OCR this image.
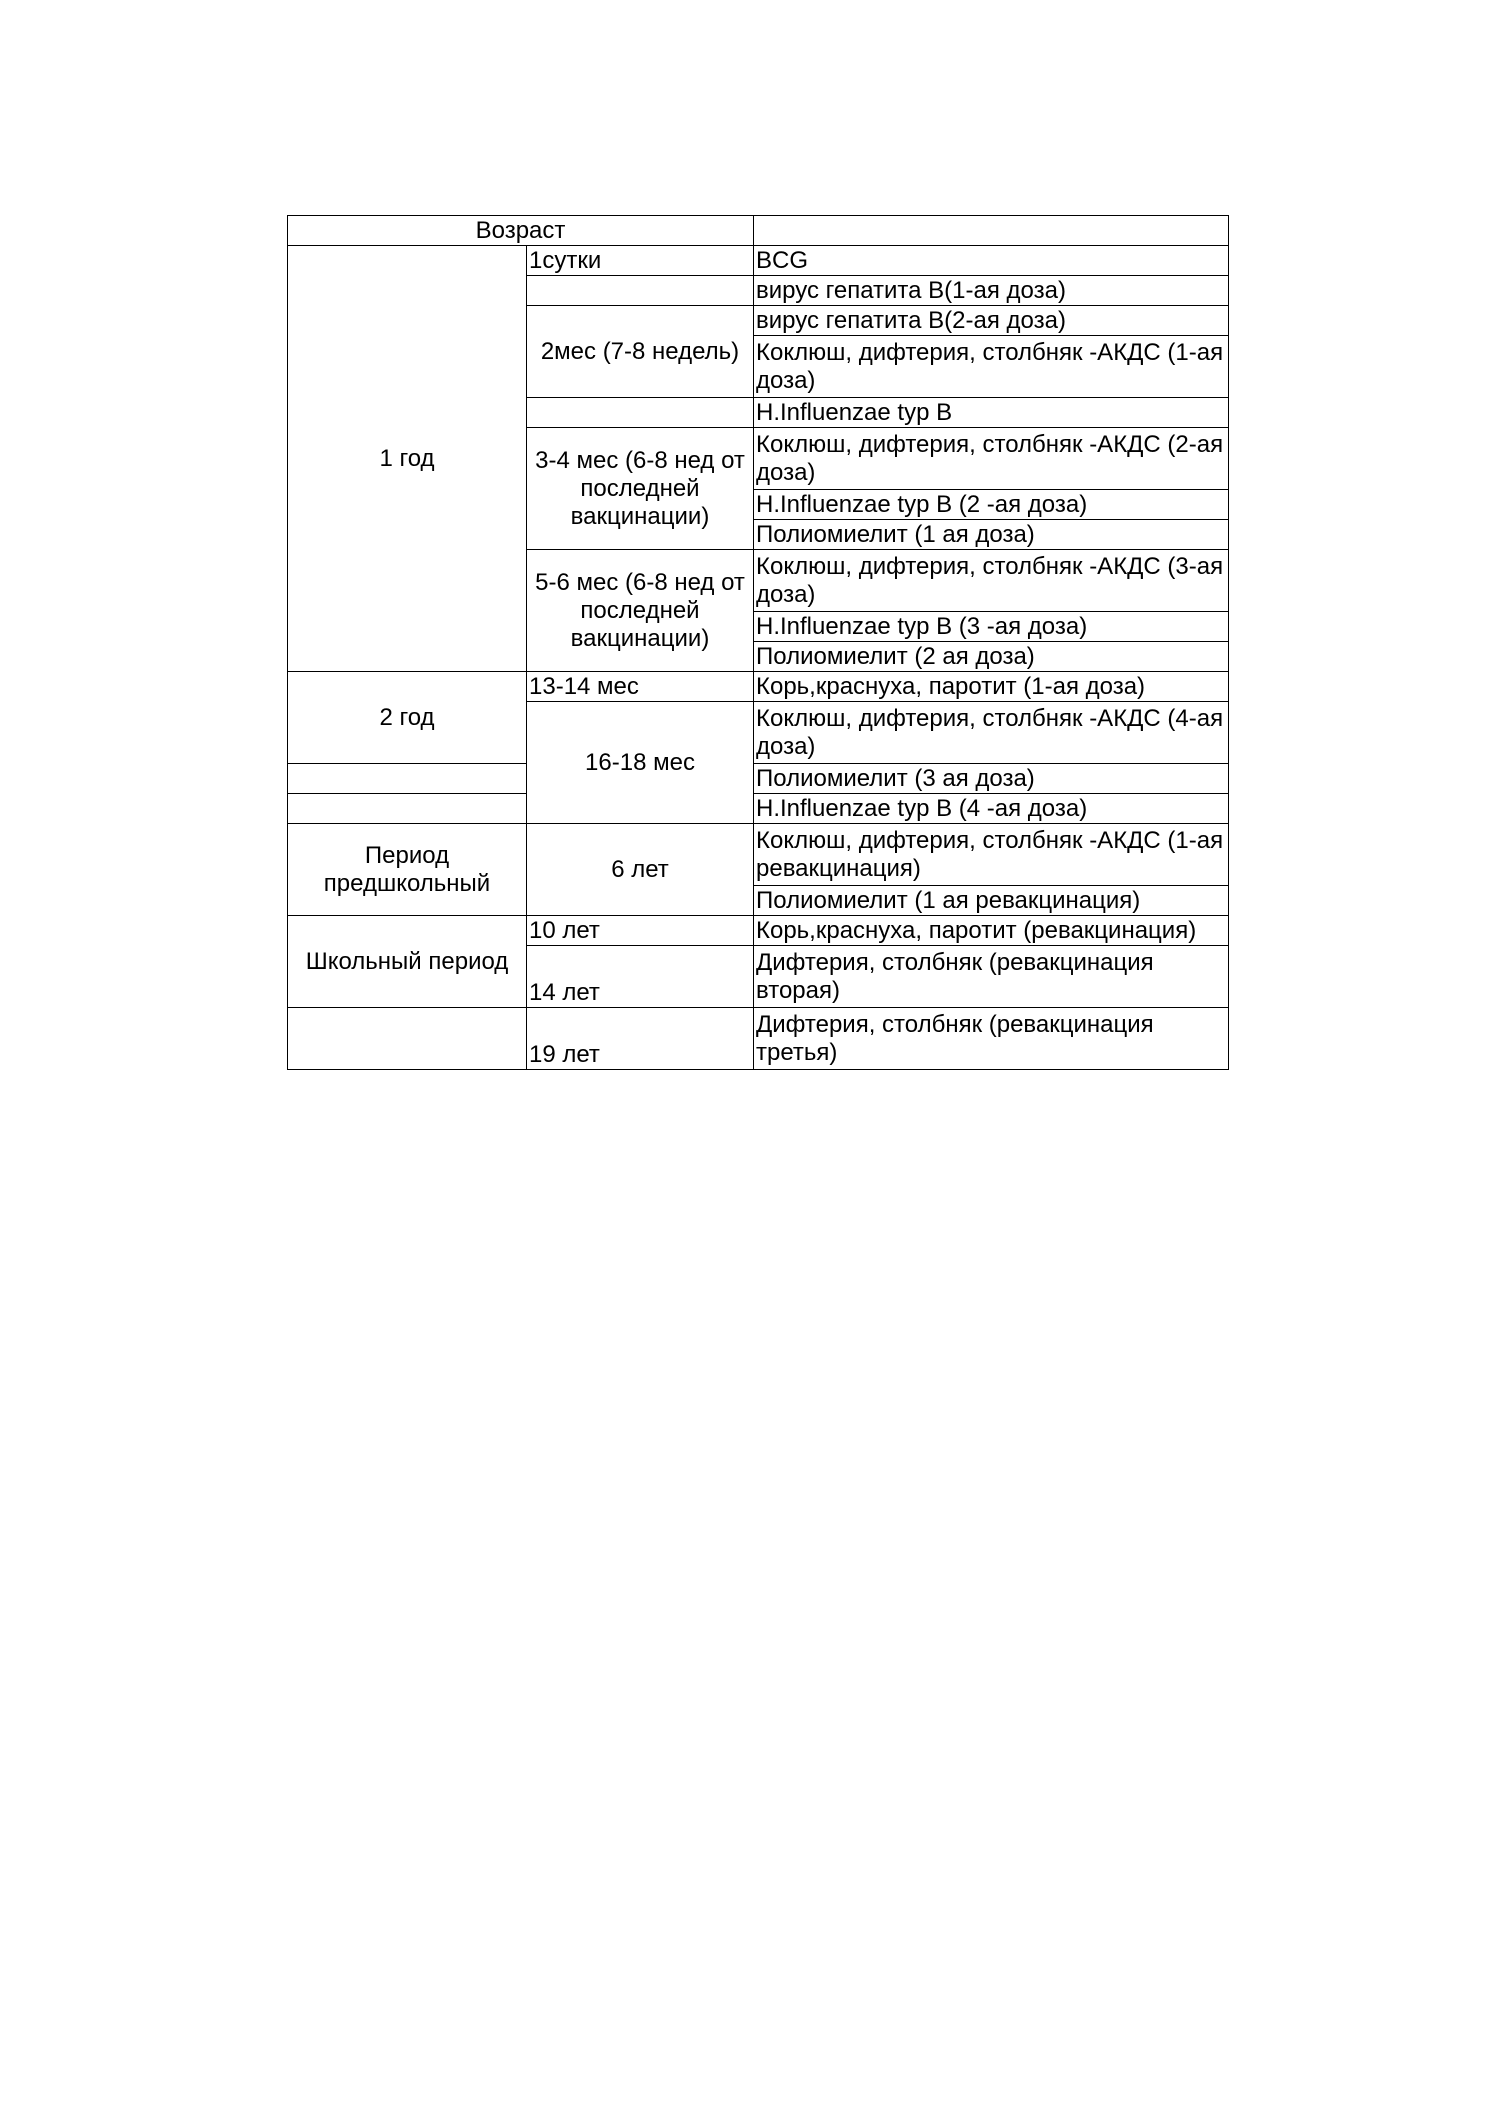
Возраст		
1 год	1сутки	BCG
		вирус гепатита В(1-ая доза)
	2мес (7-8 недель)	вирус гепатита В(2-ая доза)
		Коклюш, дифтерия, столбняк -АКДС (1-ая доза)
		H.Influenzae typ B
	3-4 мес (6-8 нед от последней вакцинации)	Коклюш, дифтерия, столбняк -АКДС (2-ая доза)
		H.Influenzae typ B (2 -ая доза)
		Полиомиелит (1 ая доза)
	5-6 мес (6-8 нед от последней вакцинации)	Коклюш, дифтерия, столбняк -АКДС (3-ая доза)
		H.Influenzae typ B (3 -ая доза)
		Полиомиелит (2 ая доза)
2 год	13-14 мес	Корь,краснуха, паротит (1-ая доза)
	16-18 мес	Коклюш, дифтерия, столбняк -АКДС (4-ая доза)
		Полиомиелит (3 ая доза)
		H.Influenzae typ B (4 -ая доза)
Период предшкольный	6 лет	Коклюш, дифтерия, столбняк -АКДС (1-ая ревакцинация)
		Полиомиелит (1 ая ревакцинация)
Школьный период	10 лет	Корь,краснуха, паротит (ревакцинация)
	14 лет	Дифтерия, столбняк (ревакцинация вторая)
	19 лет	Дифтерия, столбняк (ревакцинация третья)
